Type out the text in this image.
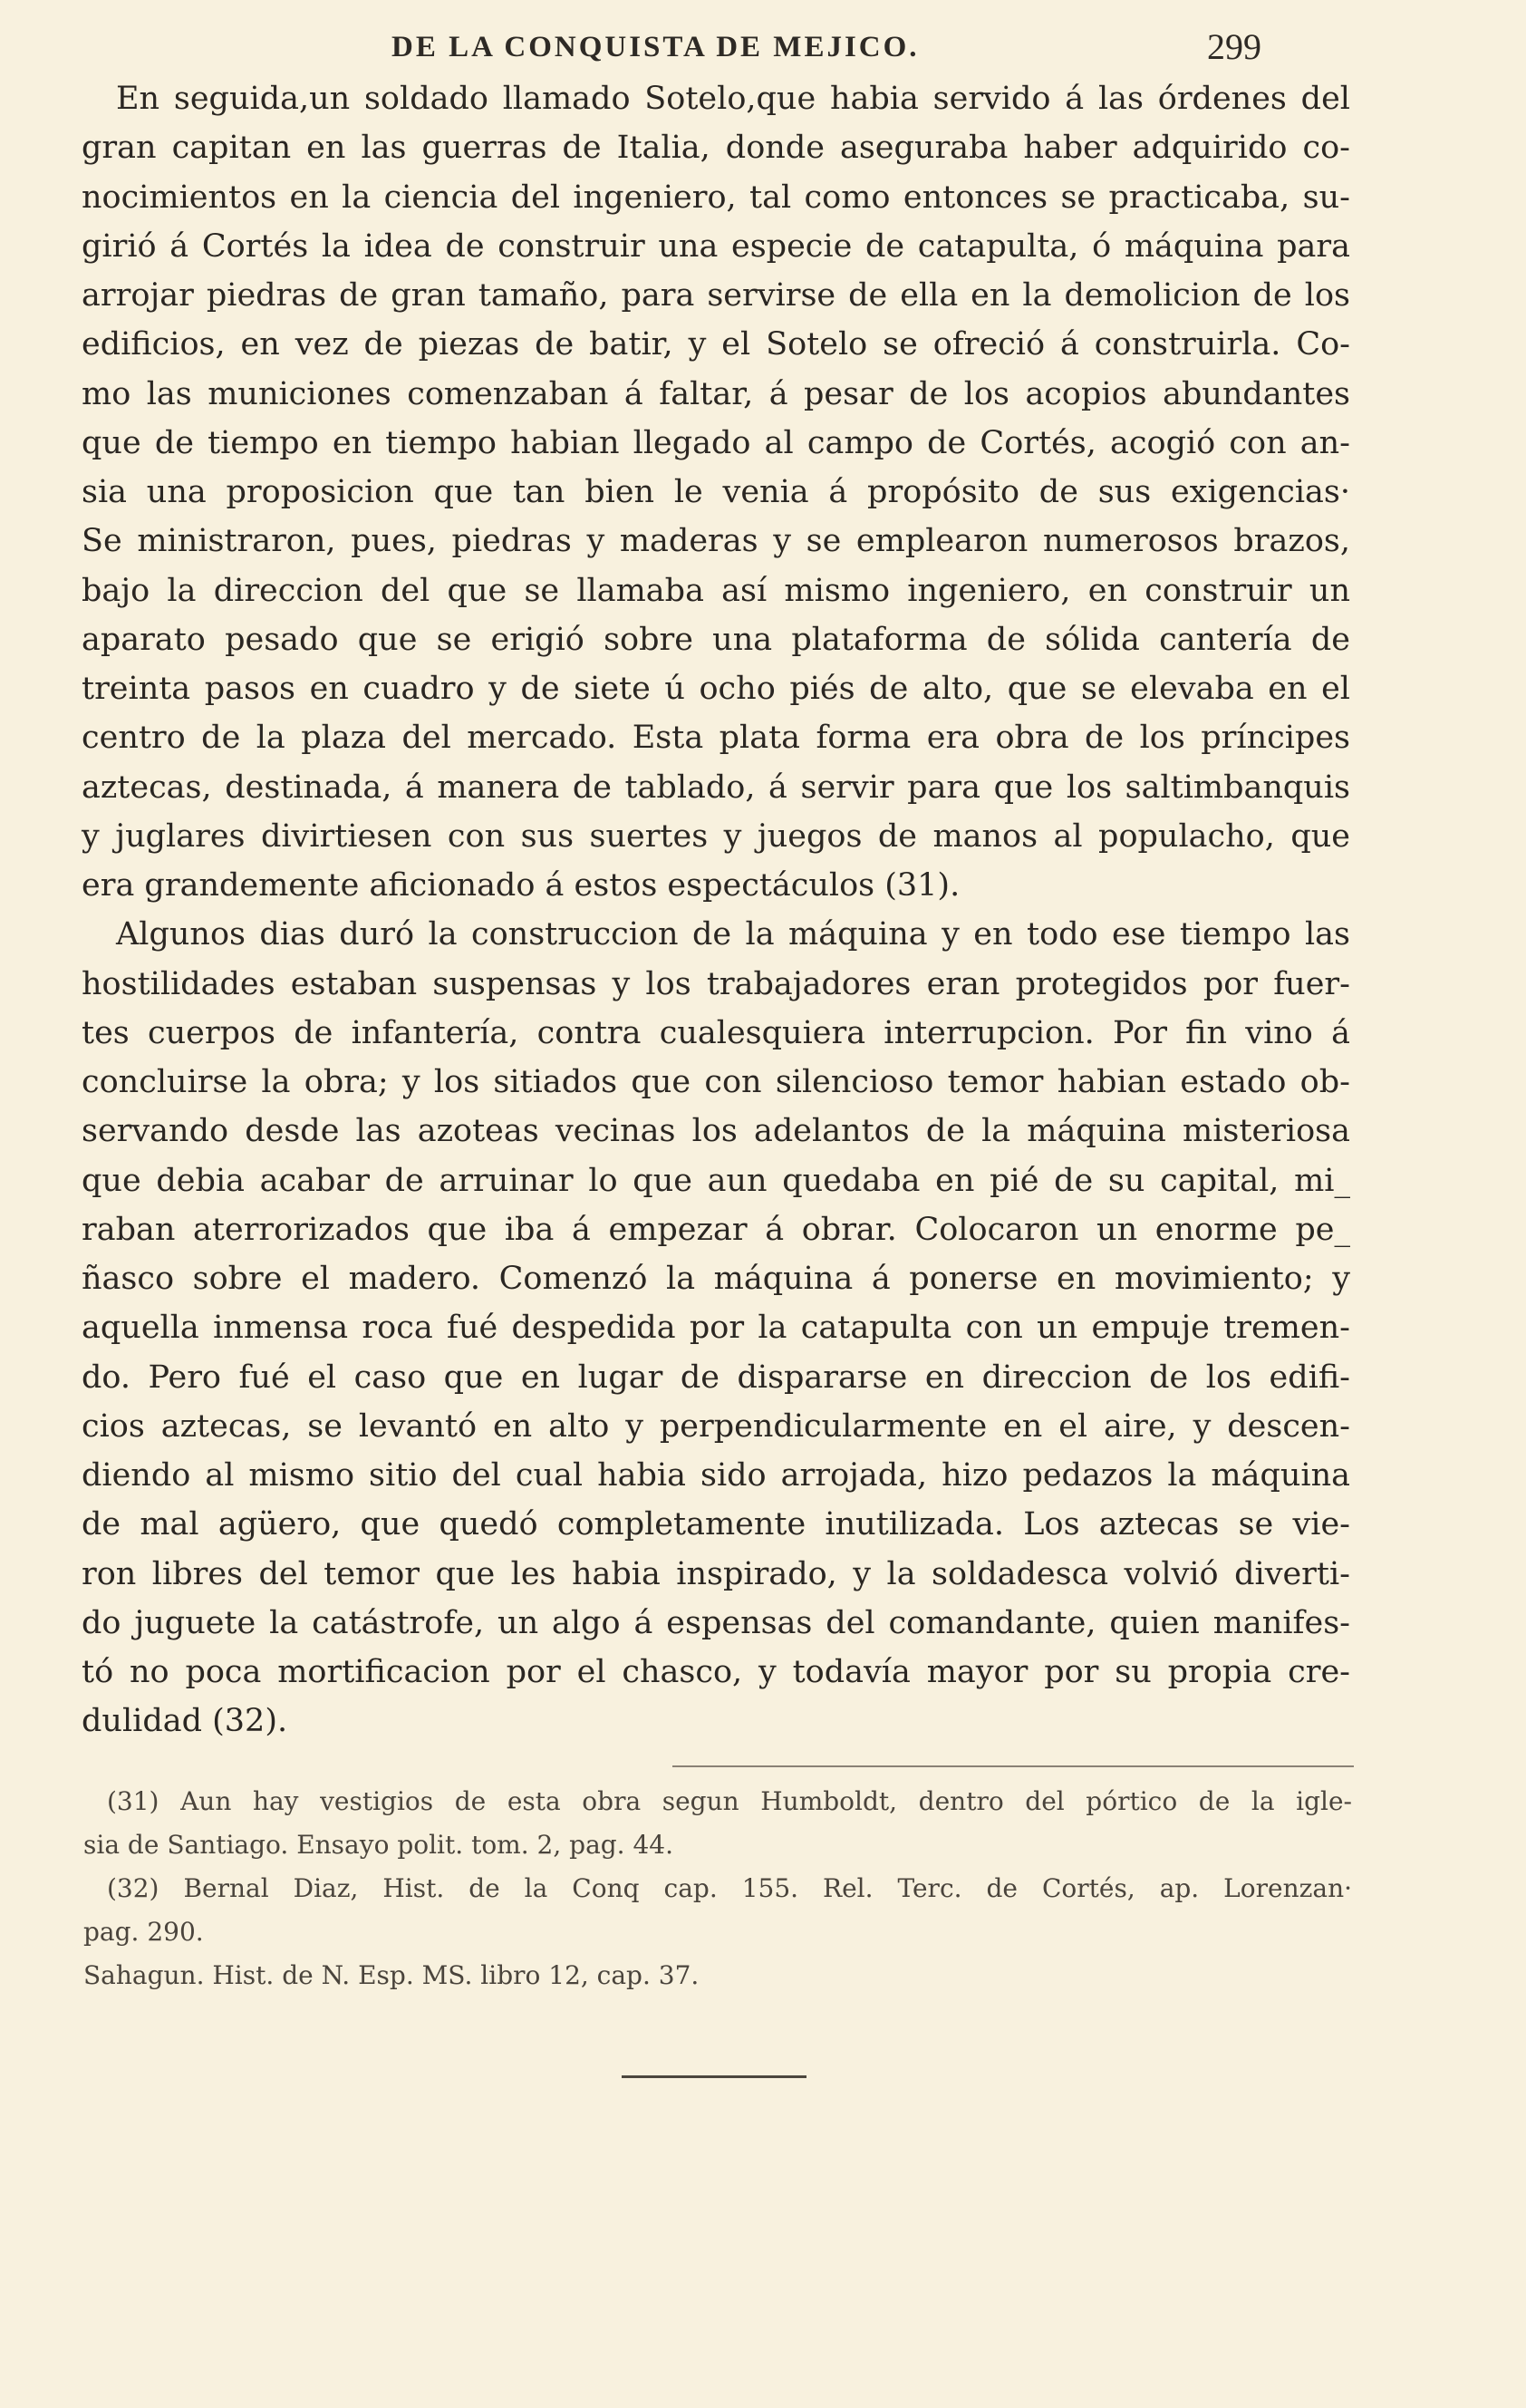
DE LA CONQUISTA DE MEJICO.	299
En seguida,un soldado llamado Sotelo,que habia servido á las órdenes del
gran capitan en las guerras de Italia, donde aseguraba haber adquirido co-
nocimientos en la ciencia del ingeniero, tal como entonces se practicaba, su-
girió á Cortés la idea de construir una especie de catapulta, ó máquina para
arrojar piedras de gran tamaño, para servirse de ella en la demolicion de los
edificios, en vez de piezas de batir, y el Sotelo se ofreció á construirla. Co-
mo las municiones comenzaban á faltar, á pesar de los acopios abundantes
que de tiempo en tiempo habian llegado al campo de Cortés, acogió con an-
sia una proposicion que tan bien le venia á propósito de sus exigencias·
Se ministraron, pues, piedras y maderas y se emplearon numerosos brazos,
bajo la direccion del que se llamaba así mismo ingeniero, en construir un
aparato pesado que se erigió sobre una plataforma de sólida cantería de
treinta pasos en cuadro y de siete ú ocho piés de alto, que se elevaba en el
centro de la plaza del mercado. Esta plata forma era obra de los príncipes
aztecas, destinada, á manera de tablado, á servir para que los saltimbanquis
y juglares divirtiesen con sus suertes y juegos de manos al populacho, que
era grandemente aficionado á estos espectáculos (31).
Algunos dias duró la construccion de la máquina y en todo ese tiempo las
hostilidades estaban suspensas y los trabajadores eran protegidos por fuer-
tes cuerpos de infantería, contra cualesquiera interrupcion. Por fin vino á
concluirse la obra; y los sitiados que con silencioso temor habian estado ob-
servando desde las azoteas vecinas los adelantos de la máquina misteriosa
que debia acabar de arruinar lo que aun quedaba en pié de su capital, mi_
raban aterrorizados que iba á empezar á obrar. Colocaron un enorme pe_
ñasco sobre el madero. Comenzó la máquina á ponerse en movimiento; y
aquella inmensa roca fué despedida por la catapulta con un empuje tremen-
do. Pero fué el caso que en lugar de dispararse en direccion de los edifi-
cios aztecas, se levantó en alto y perpendicularmente en el aire, y descen-
diendo al mismo sitio del cual habia sido arrojada, hizo pedazos la máquina
de mal agüero, que quedó completamente inutilizada. Los aztecas se vie-
ron libres del temor que les habia inspirado, y la soldadesca volvió diverti-
do juguete la catástrofe, un algo á espensas del comandante, quien manifes-
tó no poca mortificacion por el chasco, y todavía mayor por su propia cre-
dulidad (32).
(31) Aun hay vestigios de esta obra segun Humboldt, dentro del pórtico de la igle-
sia de Santiago. Ensayo polit. tom. 2, pag. 44.
(32) Bernal Diaz, Hist. de la Conq cap. 155. Rel. Terc. de Cortés, ap. Lorenzan·
pag. 290.
Sahagun. Hist. de N. Esp. MS. libro 12, cap. 37.
